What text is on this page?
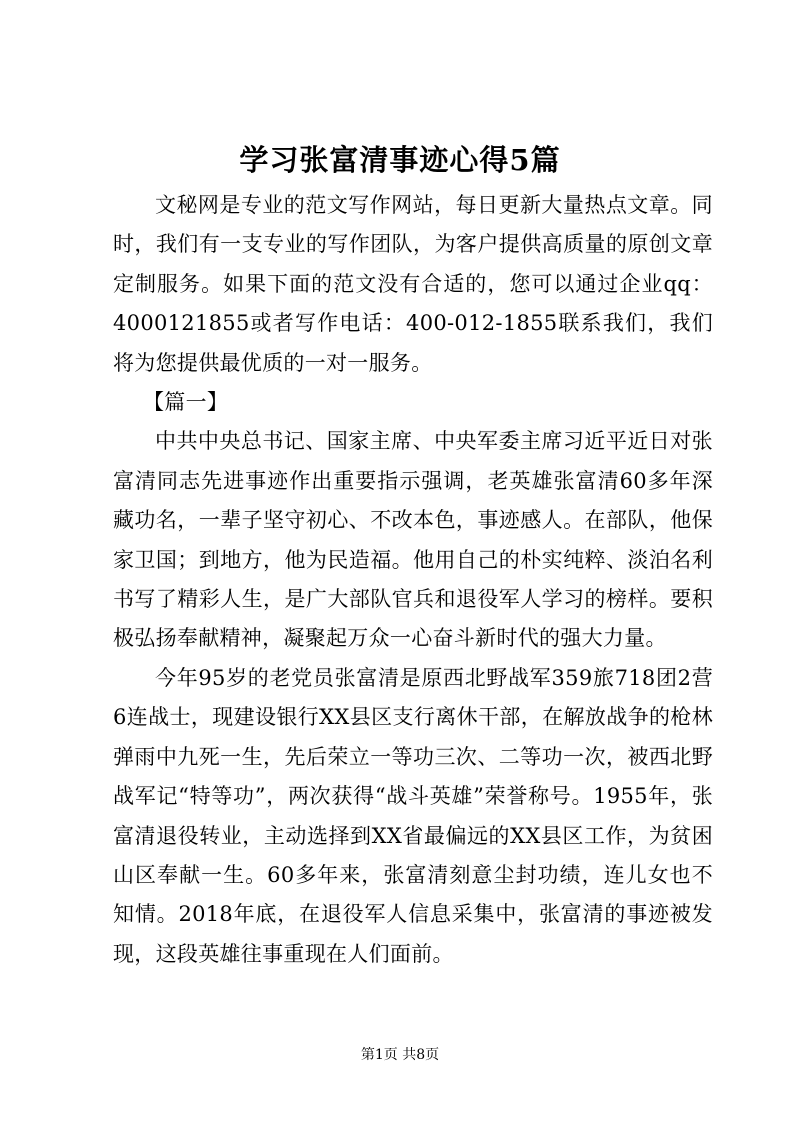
学习张富清事迹心得5篇

文秘网是专业的范文写作网站，每日更新大量热点文章。同时，我们有一支专业的写作团队，为客户提供高质量的原创文章定制服务。如果下面的范文没有合适的，您可以通过企业qq：4000121855或者写作电话：400-012-1855联系我们，我们将为您提供最优质的一对一服务。

【篇一】

中共中央总书记、国家主席、中央军委主席习近平近日对张富清同志先进事迹作出重要指示强调，老英雄张富清60多年深藏功名，一辈子坚守初心、不改本色，事迹感人。在部队，他保家卫国；到地方，他为民造福。他用自己的朴实纯粹、淡泊名利书写了精彩人生，是广大部队官兵和退役军人学习的榜样。要积极弘扬奉献精神，凝聚起万众一心奋斗新时代的强大力量。

今年95岁的老党员张富清是原西北野战军359旅718团2营6连战士，现建设银行XX县区支行离休干部，在解放战争的枪林弹雨中九死一生，先后荣立一等功三次、二等功一次，被西北野战军记“特等功”，两次获得“战斗英雄”荣誉称号。1955年，张富清退役转业，主动选择到XX省最偏远的XX县区工作，为贫困山区奉献一生。60多年来，张富清刻意尘封功绩，连儿女也不知情。2018年底，在退役军人信息采集中，张富清的事迹被发现，这段英雄往事重现在人们面前。

第1页 共8页
